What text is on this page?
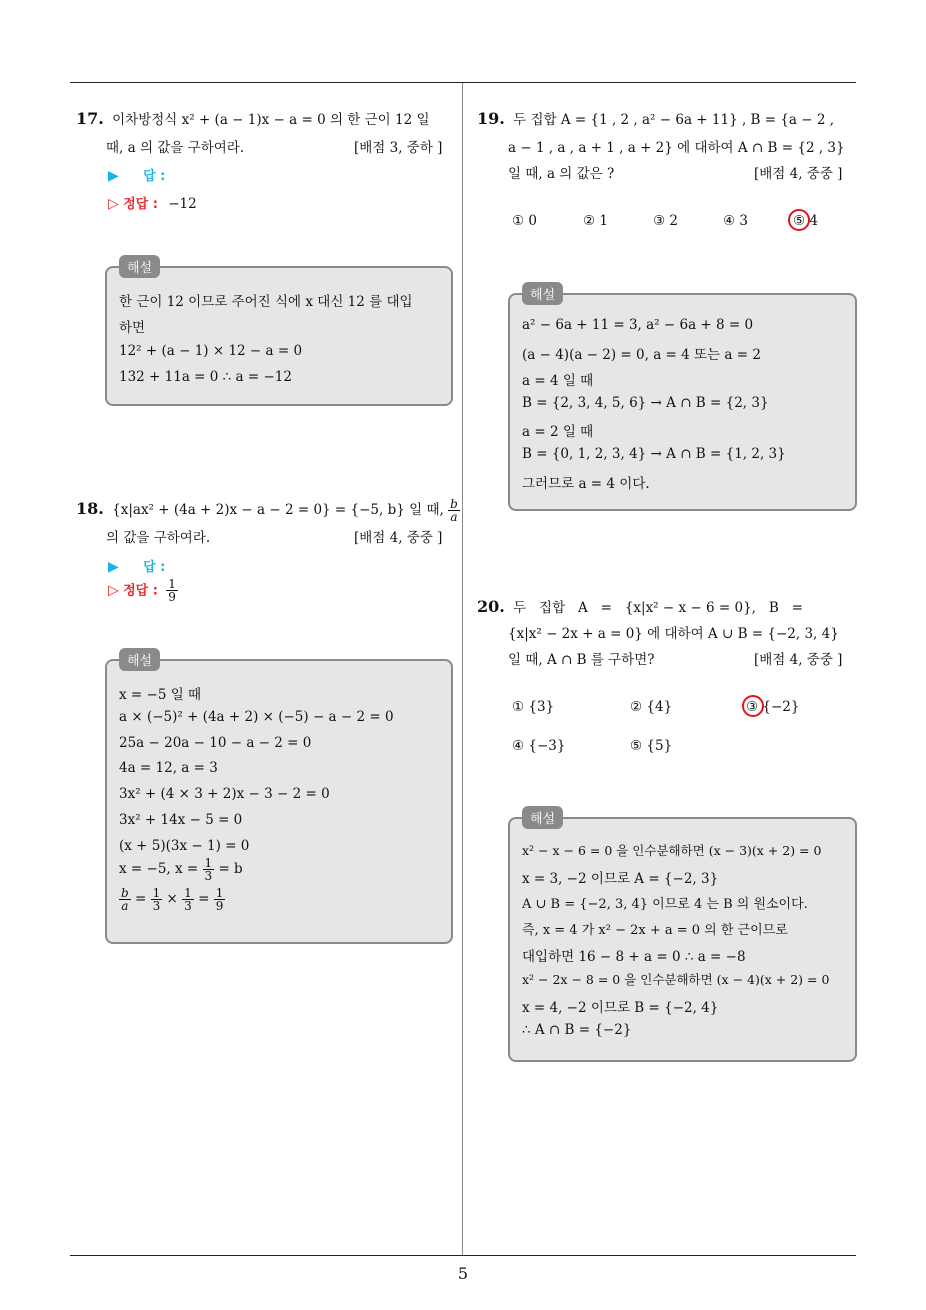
5
17. 이차방정식 x² + (a − 1)x − a = 0 의 한 근이 12 일
때, a 의 값을 구하여라.	[배점 3, 중하 ]
▶ 답 :
▷ 정답 : −12
해설
한 근이 12 이므로 주어진 식에 x 대신 12 를 대입
하면
12² + (a − 1) × 12 − a = 0
132 + 11a = 0 ∴ a = −12
18. {x|ax² + (4a + 2)x − a − 2 = 0} = {−5, b} 일 때, $\frac{b}{a}$
의 값을 구하여라.	[배점 4, 중중 ]
▶ 답 :
▷ 정답 : $\frac{1}{9}$
해설
x = −5 일 때
a × (−5)² + (4a + 2) × (−5) − a − 2 = 0
25a − 20a − 10 − a − 2 = 0
4a = 12, a = 3
3x² + (4 × 3 + 2)x − 3 − 2 = 0
3x² + 14x − 5 = 0
(x + 5)(3x − 1) = 0
x = −5, $x = \frac{1}{3} = b$
$\frac{b}{a} = \frac{1}{3} \times \frac{1}{3} = \frac{1}{9}$
19. 두 집합 A = {1 , 2 , a² − 6a + 11} , B = {a − 2 ,
a − 1 , a , a + 1 , a + 2} 에 대하여 A ∩ B = {2 , 3}
일 때, a 의 값은 ?	[배점 4, 중중 ]
① 0	② 1	③ 2	④ 3	⑤ 4
해설
a² − 6a + 11 = 3, a² − 6a + 8 = 0
(a − 4)(a − 2) = 0, a = 4 또는 a = 2
a = 4 일 때
B = {2, 3, 4, 5, 6} → A ∩ B = {2, 3}
a = 2 일 때
B = {0, 1, 2, 3, 4} → A ∩ B = {1, 2, 3}
그러므로 a = 4 이다.
20. 두   집합   A   =   {x|x² − x − 6 = 0},   B   =
{x|x² − 2x + a = 0} 에 대하여 A ∪ B = {−2, 3, 4}
일 때, A ∩ B 를 구하면?	[배점 4, 중중 ]
① {3}	② {4}	③ {−2}
④ {−3}	⑤ {5}
해설
x² − x − 6 = 0 을 인수분해하면 (x − 3)(x + 2) = 0
x = 3, −2 이므로 A = {−2, 3}
A ∪ B = {−2, 3, 4} 이므로 4 는 B 의 원소이다.
즉, x = 4 가 x² − 2x + a = 0 의 한 근이므로
대입하면 16 − 8 + a = 0 ∴ a = −8
x² − 2x − 8 = 0 을 인수분해하면 (x − 4)(x + 2) = 0
x = 4, −2 이므로 B = {−2, 4}
∴ A ∩ B = {−2}
